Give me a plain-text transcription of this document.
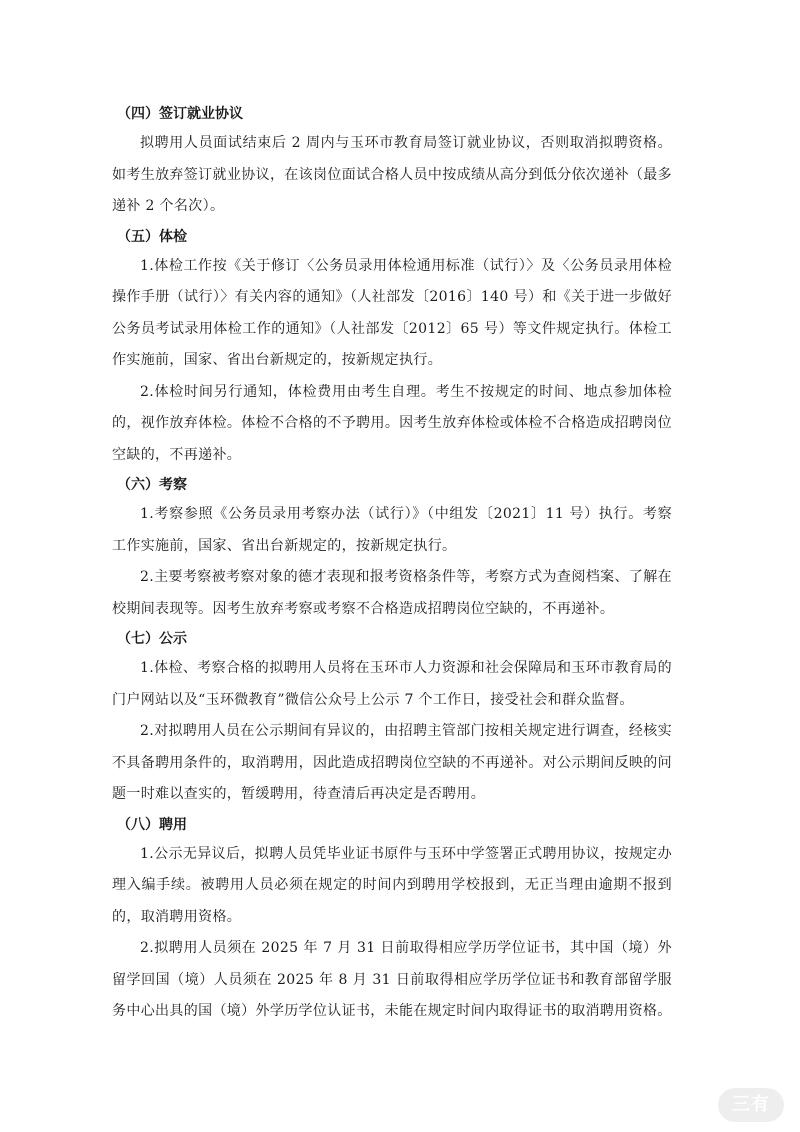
（四）签订就业协议
拟聘用人员面试结束后 2 周内与玉环市教育局签订就业协议，否则取消拟聘资格。如考生放弃签订就业协议，在该岗位面试合格人员中按成绩从高分到低分依次递补（最多递补 2 个名次）。
（五）体检
1.体检工作按《关于修订〈公务员录用体检通用标准（试行）〉及〈公务员录用体检操作手册（试行）〉有关内容的通知》（人社部发〔2016〕140 号）和《关于进一步做好公务员考试录用体检工作的通知》（人社部发〔2012〕65 号）等文件规定执行。体检工作实施前，国家、省出台新规定的，按新规定执行。
2.体检时间另行通知，体检费用由考生自理。考生不按规定的时间、地点参加体检的，视作放弃体检。体检不合格的不予聘用。因考生放弃体检或体检不合格造成招聘岗位空缺的，不再递补。
（六）考察
1.考察参照《公务员录用考察办法（试行）》（中组发〔2021〕11 号）执行。考察工作实施前，国家、省出台新规定的，按新规定执行。
2.主要考察被考察对象的德才表现和报考资格条件等，考察方式为查阅档案、了解在校期间表现等。因考生放弃考察或考察不合格造成招聘岗位空缺的，不再递补。
（七）公示
1.体检、考察合格的拟聘用人员将在玉环市人力资源和社会保障局和玉环市教育局的门户网站以及“玉环微教育”微信公众号上公示 7 个工作日，接受社会和群众监督。
2.对拟聘用人员在公示期间有异议的，由招聘主管部门按相关规定进行调查，经核实不具备聘用条件的，取消聘用，因此造成招聘岗位空缺的不再递补。对公示期间反映的问题一时难以查实的，暂缓聘用，待查清后再决定是否聘用。
（八）聘用
1.公示无异议后，拟聘人员凭毕业证书原件与玉环中学签署正式聘用协议，按规定办理入编手续。被聘用人员必须在规定的时间内到聘用学校报到，无正当理由逾期不报到的，取消聘用资格。
2.拟聘用人员须在 2025 年 7 月 31 日前取得相应学历学位证书，其中国（境）外留学回国（境）人员须在 2025 年 8 月 31 日前取得相应学历学位证书和教育部留学服务中心出具的国（境）外学历学位认证书，未能在规定时间内取得证书的取消聘用资格。
三有
